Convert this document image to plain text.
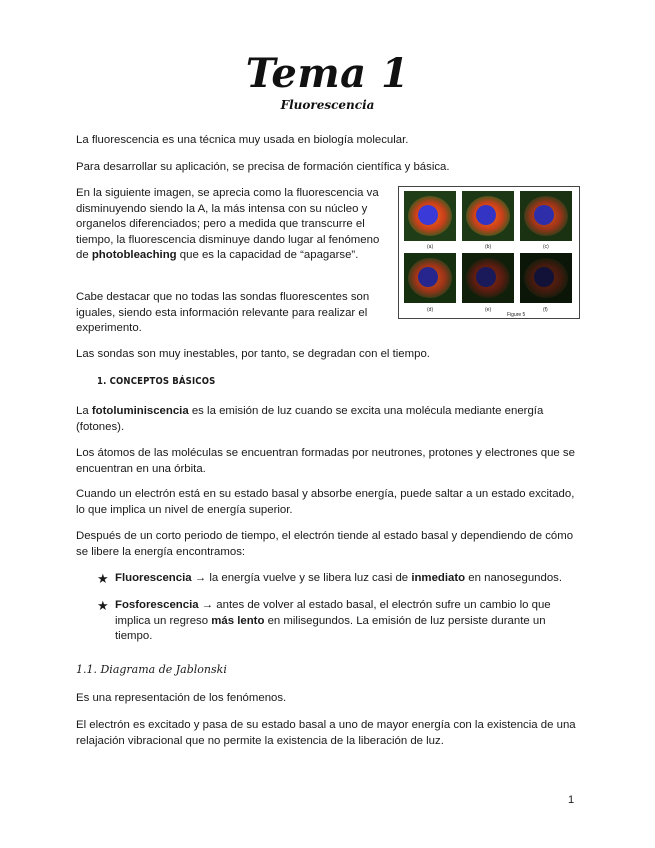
Tema 1
Fluorescencia

La fluorescencia es una técnica muy usada en biología molecular.

Para desarrollar su aplicación, se precisa de formación científica y básica.

En la siguiente imagen, se aprecia como la fluorescencia va disminuyendo siendo la A, la más intensa con su núcleo y organelos diferenciados; pero a medida que transcurre el tiempo, la fluorescencia disminuye dando lugar al fenómeno de photobleaching que es la capacidad de “apagarse”.

Cabe destacar que no todas las sondas fluorescentes son iguales, siendo esta información relevante para realizar el experimento.

(a)	(b)	(c)
(d)	(e)	(f)
Figure 5

Las sondas son muy inestables, por tanto, se degradan con el tiempo.

1. CONCEPTOS BÁSICOS

La fotoluminiscencia es la emisión de luz cuando se excita una molécula mediante energía (fotones).

Los átomos de las moléculas se encuentran formadas por neutrones, protones y electrones que se encuentran en una órbita.

Cuando un electrón está en su estado basal y absorbe energía, puede saltar a un estado excitado, lo que implica un nivel de energía superior.

Después de un corto periodo de tiempo, el electrón tiende al estado basal y dependiendo de cómo se libere la energía encontramos:

★ Fluorescencia → la energía vuelve y se libera luz casi de inmediato en nanosegundos.
★ Fosforescencia → antes de volver al estado basal, el electrón sufre un cambio lo que implica un regreso más lento en milisegundos. La emisión de luz persiste durante un tiempo.
1.1. Diagrama de Jablonski

Es una representación de los fenómenos.

El electrón es excitado y pasa de su estado basal a uno de mayor energía con la existencia de una relajación vibracional que no permite la existencia de la liberación de luz.

1
